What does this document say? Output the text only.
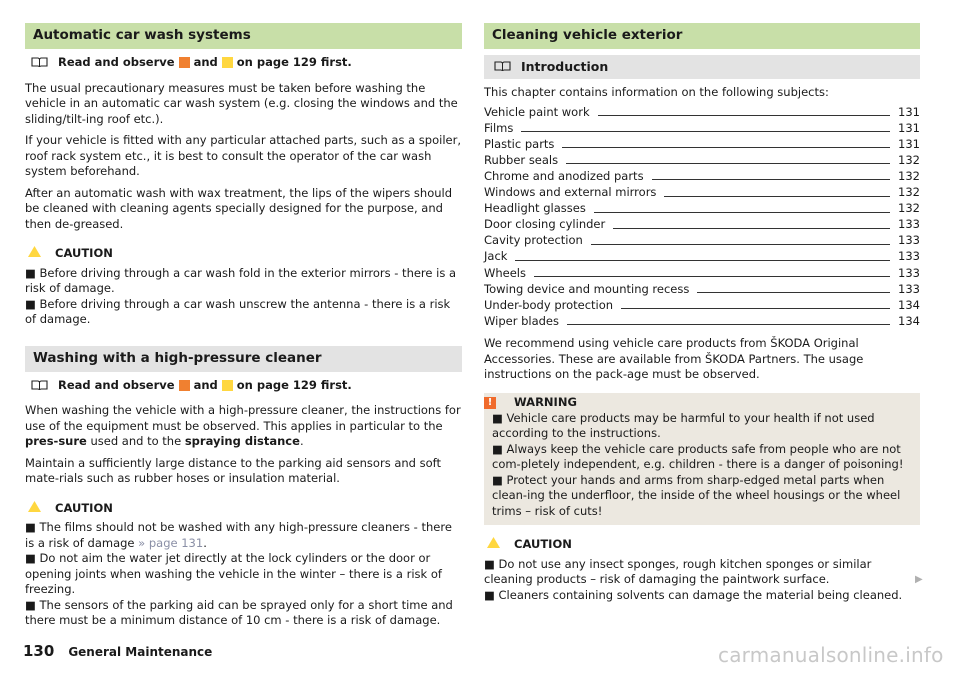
Automatic car wash systems
Read and observe and on page 129 first.

The usual precautionary measures must be taken before washing the vehicle in an automatic car wash system (e.g. closing the windows and the sliding/tilt-ing roof etc.).

If your vehicle is fitted with any particular attached parts, such as a spoiler, roof rack system etc., it is best to consult the operator of the car wash system beforehand.

After an automatic wash with wax treatment, the lips of the wipers should be cleaned with cleaning agents specially designed for the purpose, and then de-greased.

CAUTION
■ Before driving through a car wash fold in the exterior mirrors - there is a risk of damage.
■ Before driving through a car wash unscrew the antenna - there is a risk of damage.
Washing with a high-pressure cleaner
Read and observe and on page 129 first.

When washing the vehicle with a high-pressure cleaner, the instructions for use of the equipment must be observed. This applies in particular to the pres-sure used and to the spraying distance.

Maintain a sufficiently large distance to the parking aid sensors and soft mate-rials such as rubber hoses or insulation material.

CAUTION
■ The films should not be washed with any high-pressure cleaners - there is a risk of damage » page 131.
■ Do not aim the water jet directly at the lock cylinders or the door or opening joints when washing the vehicle in the winter – there is a risk of freezing.
■ The sensors of the parking aid can be sprayed only for a short time and there must be a minimum distance of 10 cm - there is a risk of damage.
Cleaning vehicle exterior
Introduction

This chapter contains information on the following subjects:

Vehicle paint work	131
Films	131
Plastic parts	131
Rubber seals	132
Chrome and anodized parts	132
Windows and external mirrors	132
Headlight glasses	132
Door closing cylinder	133
Cavity protection	133
Jack	133
Wheels	133
Towing device and mounting recess	133
Under-body protection	134
Wiper blades	134

We recommend using vehicle care products from ŠKODA Original Accessories. These are available from ŠKODA Partners. The usage instructions on the pack-age must be observed.

!	WARNING
■ Vehicle care products may be harmful to your health if not used according to the instructions.
■ Always keep the vehicle care products safe from people who are not com-pletely independent, e.g. children - there is a danger of poisoning!
■ Protect your hands and arms from sharp-edged metal parts when clean-ing the underfloor, the inside of the wheel housings or the wheel trims – risk of cuts!
CAUTION
■ Do not use any insect sponges, rough kitchen sponges or similar cleaning products – risk of damaging the paintwork surface.
■ Cleaners containing solvents can damage the material being cleaned.
▶
130 General Maintenance	carmanualsonline.info
